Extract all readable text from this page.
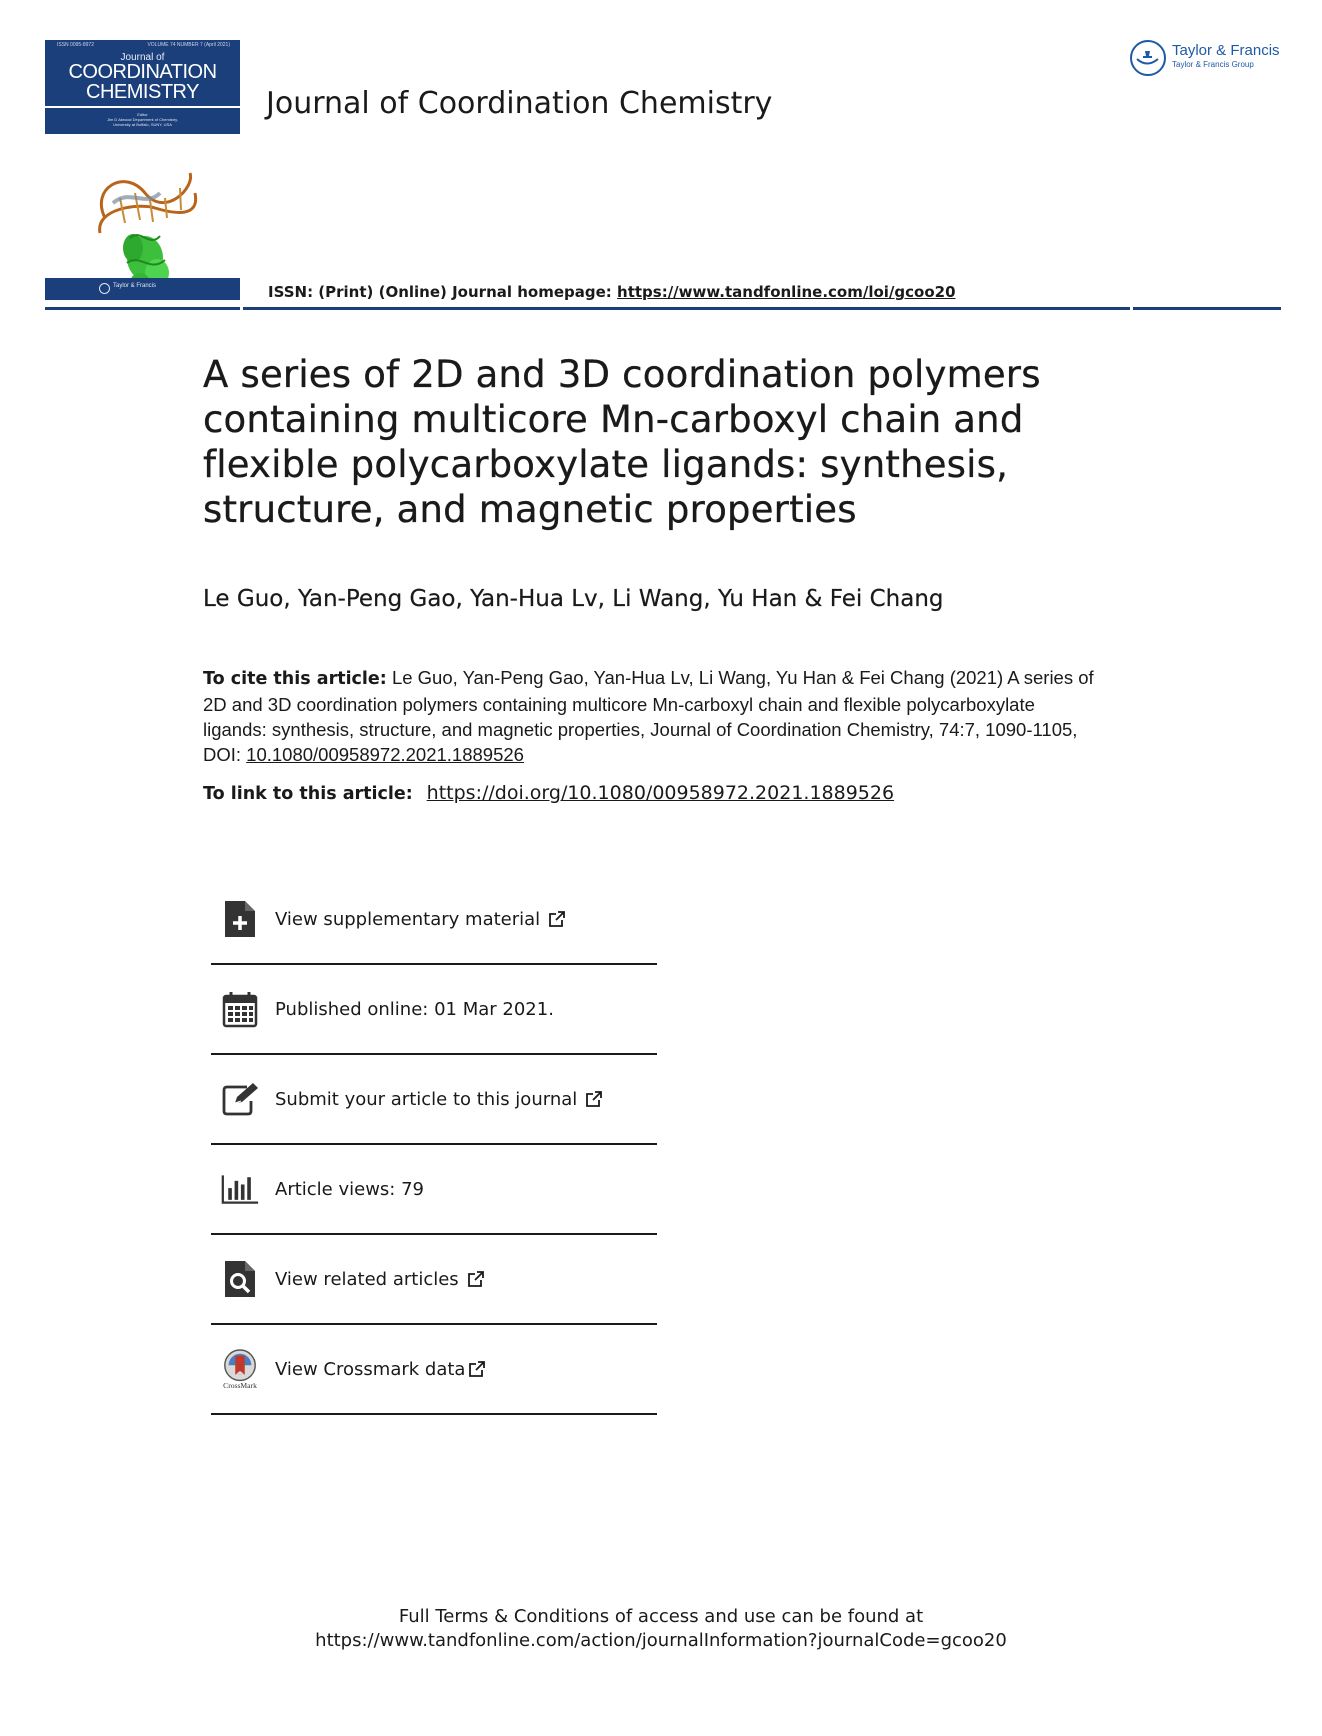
ISSN 0095-8972	VOLUME 74 NUMBER 7 (April 2021)
Journal of
COORDINATION
CHEMISTRY
Editor
Jim D Atwood Department of Chemistry,
University at Buffalo, SUNY, USA
Taylor & Francis
Journal of Coordination Chemistry
ISSN: (Print) (Online) Journal homepage: https://www.tandfonline.com/loi/gcoo20
Taylor & Francis
Taylor & Francis Group
A series of 2D and 3D coordination polymers containing multicore Mn-carboxyl chain and flexible polycarboxylate ligands: synthesis, structure, and magnetic properties
Le Guo, Yan-Peng Gao, Yan-Hua Lv, Li Wang, Yu Han & Fei Chang
To cite this article: Le Guo, Yan-Peng Gao, Yan-Hua Lv, Li Wang, Yu Han & Fei Chang (2021) A series of 2D and 3D coordination polymers containing multicore Mn-carboxyl chain and flexible polycarboxylate ligands: synthesis, structure, and magnetic properties, Journal of Coordination Chemistry, 74:7, 1090-1105, DOI: 10.1080/00958972.2021.1889526
To link to this article: https://doi.org/10.1080/00958972.2021.1889526
View supplementary material
Published online: 01 Mar 2021.
Submit your article to this journal
Article views: 79
View related articles
CrossMark
View Crossmark data
Full Terms & Conditions of access and use can be found at
https://www.tandfonline.com/action/journalInformation?journalCode=gcoo20
